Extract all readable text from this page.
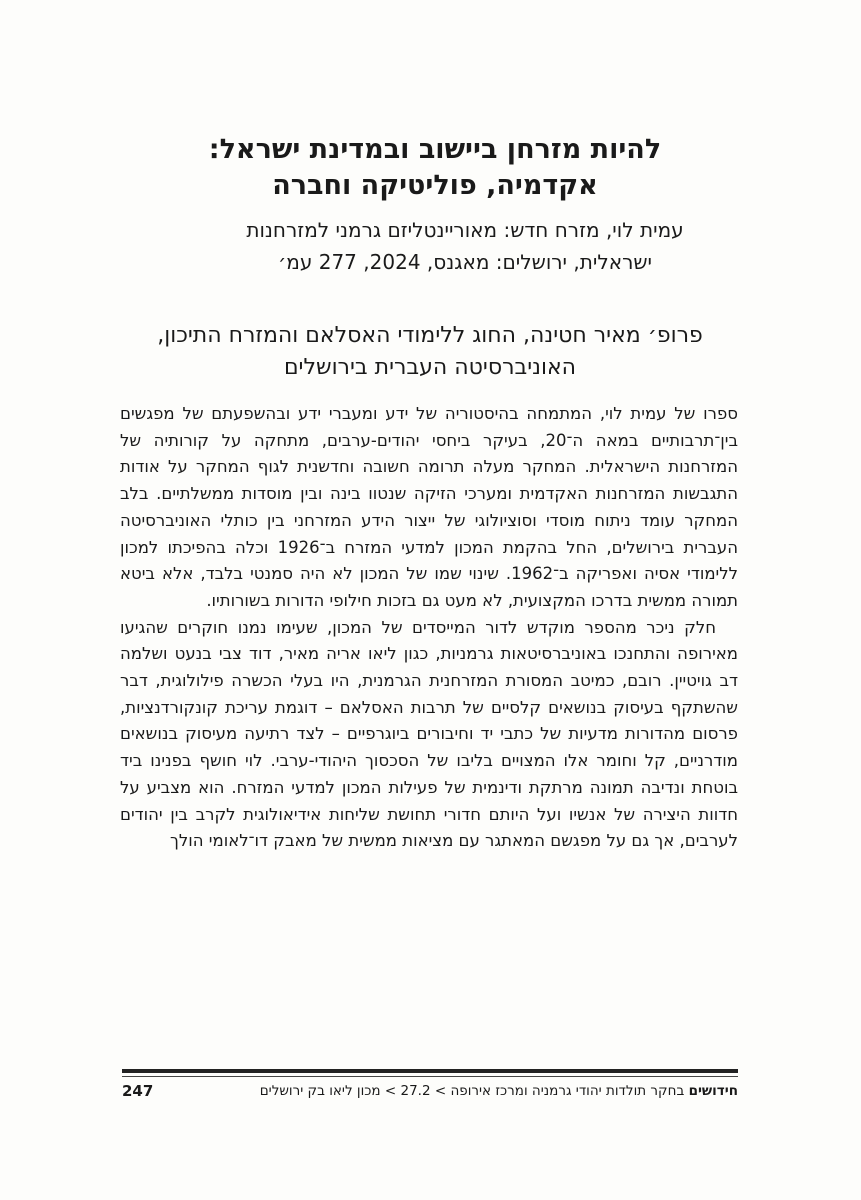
להיות מזרחן ביישוב ובמדינת ישראל:
אקדמיה, פוליטיקה וחברה
עמית לוי, מזרח חדש: מאוריינטליזם גרמני למזרחנות
ישראלית, ירושלים: מאגנס, 2024, 277 עמ׳
פרופ׳ מאיר חטינה, החוג ללימודי האסלאם והמזרח התיכון,
האוניברסיטה העברית בירושלים

ספרו של עמית לוי, המתמחה בהיסטוריה של ידע ומעברי ידע ובהשפעתם של מפגשים בין־תרבותיים במאה ה־20, בעיקר ביחסי יהודים-ערבים, מתחקה על קורותיה של המזרחנות הישראלית. המחקר מעלה תרומה חשובה וחדשנית לגוף המחקר על אודות התגבשות המזרחנות האקדמית ומערכי הזיקה שנטוו בינה ובין מוסדות ממשלתיים. בלב המחקר עומד ניתוח מוסדי וסוציולוגי של ייצור הידע המזרחני בין כותלי האוניברסיטה העברית בירושלים, החל בהקמת המכון למדעי המזרח ב־1926 וכלה בהפיכתו למכון ללימודי אסיה ואפריקה ב־1962. שינוי שמו של המכון לא היה סמנטי בלבד, אלא ביטא תמורה ממשית בדרכו המקצועית, לא מעט גם בזכות חילופי הדורות בשורותיו.

חלק ניכר מהספר מוקדש לדור המייסדים של המכון, שעימו נמנו חוקרים שהגיעו מאירופה והתחנכו באוניברסיטאות גרמניות, כגון ליאו אריה מאיר, דוד צבי בנעט ושלמה דב גויטיין. רובם, כמיטב המסורת המזרחנית הגרמנית, היו בעלי הכשרה פילולוגית, דבר שהשתקף בעיסוק בנושאים קלסיים של תרבות האסלאם – דוגמת עריכת קונקורדנציות, פרסום מהדורות מדעיות של כתבי יד וחיבורים ביוגרפיים – לצד רתיעה מעיסוק בנושאים מודרניים, קל וחומר אלו המצויים בליבו של הסכסוך היהודי-ערבי. לוי חושף בפנינו ביד בוטחת ונדיבה תמונה מרתקת ודינמית של פעילות המכון למדעי המזרח. הוא מצביע על חדוות היצירה של אנשיו ועל היותם חדורי תחושת שליחות אידיאולוגית לקרב בין יהודים לערבים, אך גם על מפגשם המאתגר עם מציאות ממשית של מאבק דו־לאומי הולך

247	חידושים בחקר תולדות יהודי גרמניה ומרכז אירופה > 27.2 > מכון ליאו בק ירושלים
